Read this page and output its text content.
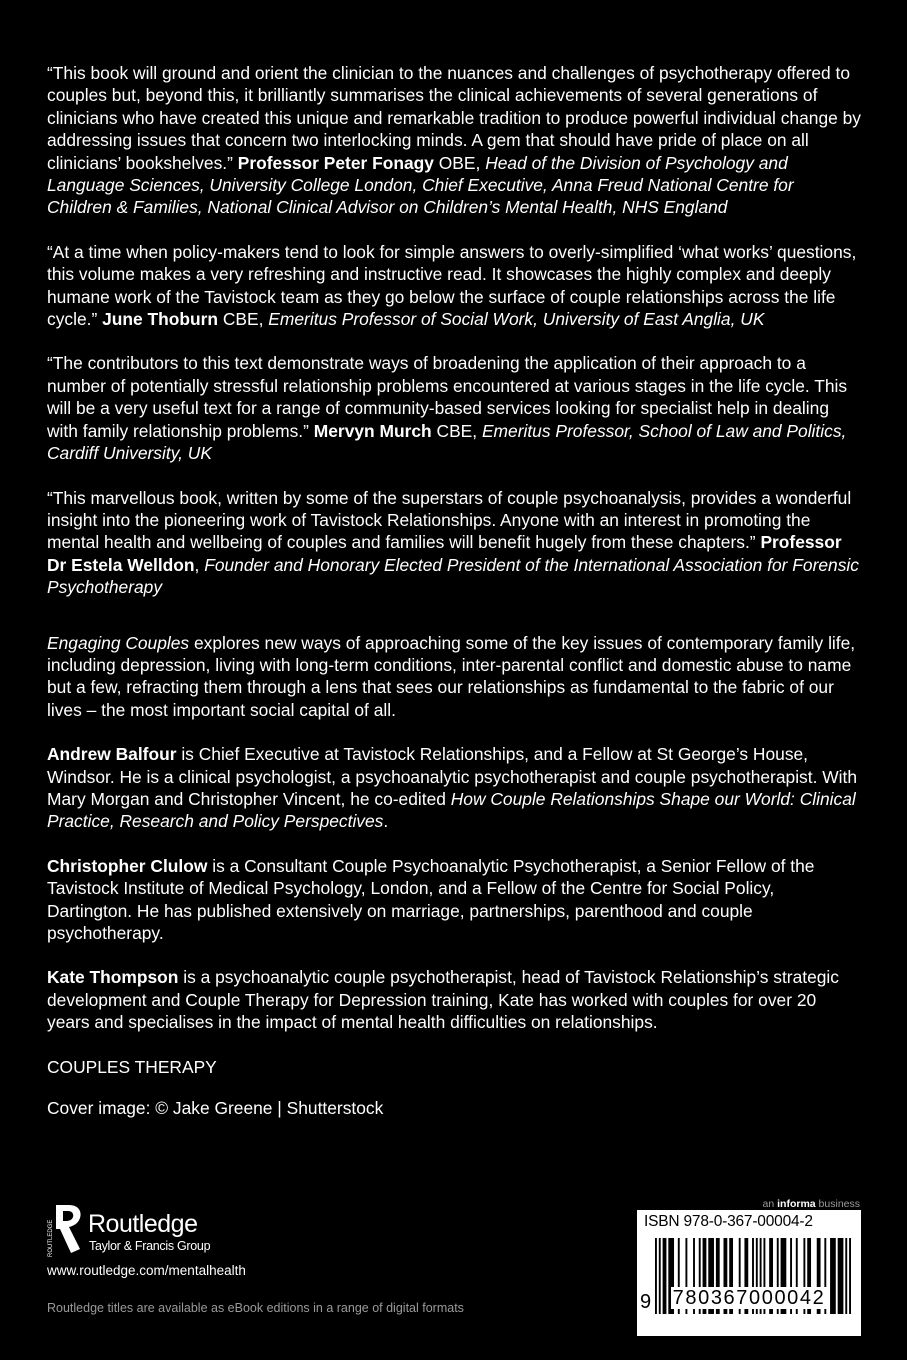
“This book will ground and orient the clinician to the nuances and challenges of psychotherapy offered to couples but, beyond this, it brilliantly summarises the clinical achievements of several generations of clinicians who have created this unique and remarkable tradition to produce powerful individual change by addressing issues that concern two interlocking minds. A gem that should have pride of place on all clinicians’ bookshelves.” Professor Peter Fonagy OBE, Head of the Division of Psychology and Language Sciences, University College London, Chief Executive, Anna Freud National Centre for Children & Families, National Clinical Advisor on Children’s Mental Health, NHS England

“At a time when policy-makers tend to look for simple answers to overly-simplified ‘what works’ questions, this volume makes a very refreshing and instructive read. It showcases the highly complex and deeply humane work of the Tavistock team as they go below the surface of couple relationships across the life cycle.” June Thoburn CBE, Emeritus Professor of Social Work, University of East Anglia, UK

“The contributors to this text demonstrate ways of broadening the application of their approach to a number of potentially stressful relationship problems encountered at various stages in the life cycle. This will be a very useful text for a range of community-based services looking for specialist help in dealing with family relationship problems.” Mervyn Murch CBE, Emeritus Professor, School of Law and Politics, Cardiff University, UK

“This marvellous book, written by some of the superstars of couple psychoanalysis, provides a wonderful insight into the pioneering work of Tavistock Relationships. Anyone with an interest in promoting the mental health and wellbeing of couples and families will benefit hugely from these chapters.” Professor Dr Estela Welldon, Founder and Honorary Elected President of the International Association for Forensic Psychotherapy

Engaging Couples explores new ways of approaching some of the key issues of contemporary family life, including depression, living with long-term conditions, inter-parental conflict and domestic abuse to name but a few, refracting them through a lens that sees our relationships as fundamental to the fabric of our lives – the most important social capital of all.

Andrew Balfour is Chief Executive at Tavistock Relationships, and a Fellow at St George’s House, Windsor. He is a clinical psychologist, a psychoanalytic psychotherapist and couple psychotherapist. With Mary Morgan and Christopher Vincent, he co-edited How Couple Relationships Shape our World: Clinical Practice, Research and Policy Perspectives.

Christopher Clulow is a Consultant Couple Psychoanalytic Psychotherapist, a Senior Fellow of the Tavistock Institute of Medical Psychology, London, and a Fellow of the Centre for Social Policy, Dartington. He has published extensively on marriage, partnerships, parenthood and couple psychotherapy.

Kate Thompson is a psychoanalytic couple psychotherapist, head of Tavistock Relationship’s strategic development and Couple Therapy for Depression training, Kate has worked with couples for over 20 years and specialises in the impact of mental health difficulties on relationships.

COUPLES THERAPY

Cover image: © Jake Greene | Shutterstock

ROUTLEDGE Routledge
Taylor & Francis Group
www.routledge.com/mentalhealth
Routledge titles are available as eBook editions in a range of digital formats
an informa business
ISBN 978-0-367-00004-2
9	780367000042
